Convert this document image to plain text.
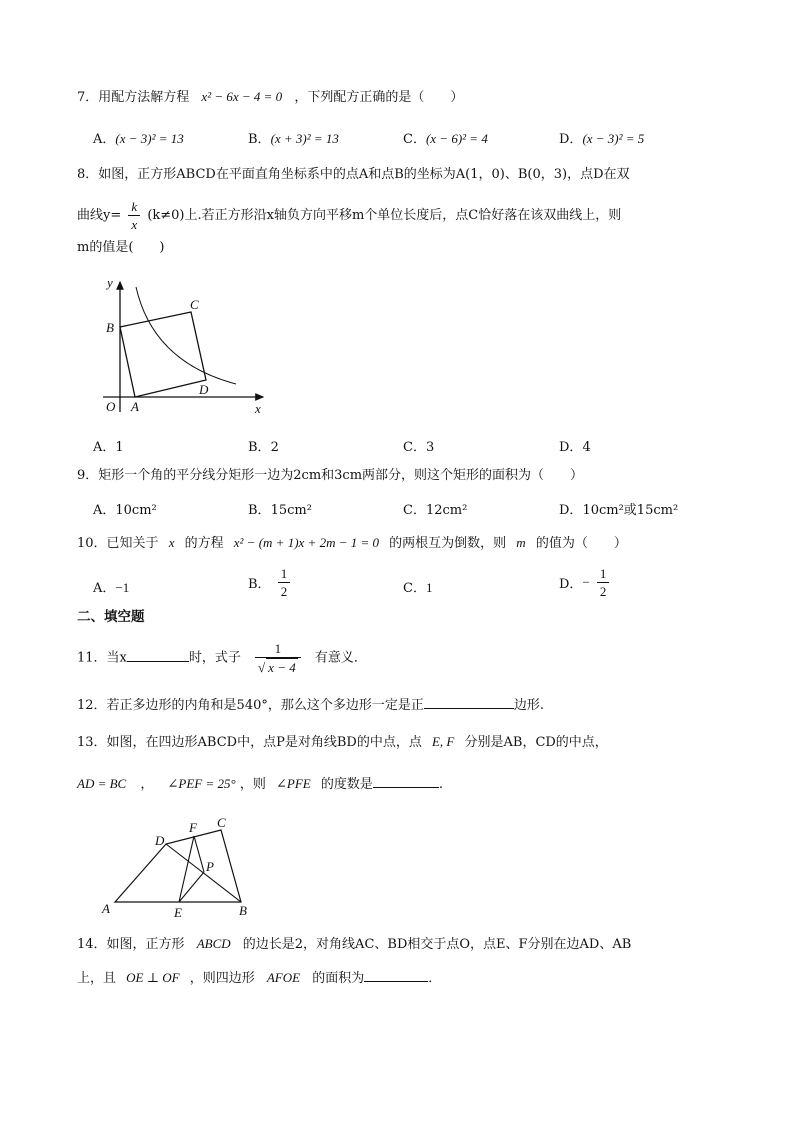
7．用配方法解方程 x² − 6x − 4 = 0 ，下列配方正确的是（　　）
A．(x − 3)² = 13	B．(x + 3)² = 13	C．(x − 6)² = 4	D．(x − 3)² = 5
8．如图，正方形ABCD在平面直角坐标系中的点A和点B的坐标为A(1，0)、B(0，3)，点D在双
曲线$y= \frac{k}{x} (k\ne 0)$上.若正方形沿x轴负方向平移m个单位长度后，点C恰好落在该双曲线上，则
m的值是(　　)
y
x
O A
B
C
D
A．1	B．2	C．3	D．4
9．矩形一个角的平分线分矩形一边为2cm和3cm两部分，则这个矩形的面积为（　　）
A．10cm²	B．15cm²	C．12cm²	D．10cm²或15cm²
10．已知关于 x 的方程 x² − (m + 1)x + 2m − 1 = 0 的两根互为倒数，则 m 的值为（　　）
A．−1	B． $\frac{1}{2}$	C．1	D．− $\frac{1}{2}$
二、填空题
11．当x	时，式子 $\frac{1}{√ x - 4}$ 有意义．
12．若正多边形的内角和是540°，那么这个多边形一定是正	边形.
13．如图，在四边形ABCD中，点P是对角线BD的中点，点 E, F 分别是AB，CD的中点，
AD = BC ， ∠PEF = 25° ，则 ∠PFE 的度数是	.
A	B
C
D
E
F
P
14．如图，正方形 ABCD 的边长是2，对角线AC、BD相交于点O，点E、F分别在边AD、AB
上，且 OE ⊥ OF ，则四边形 AFOE 的面积为	．
